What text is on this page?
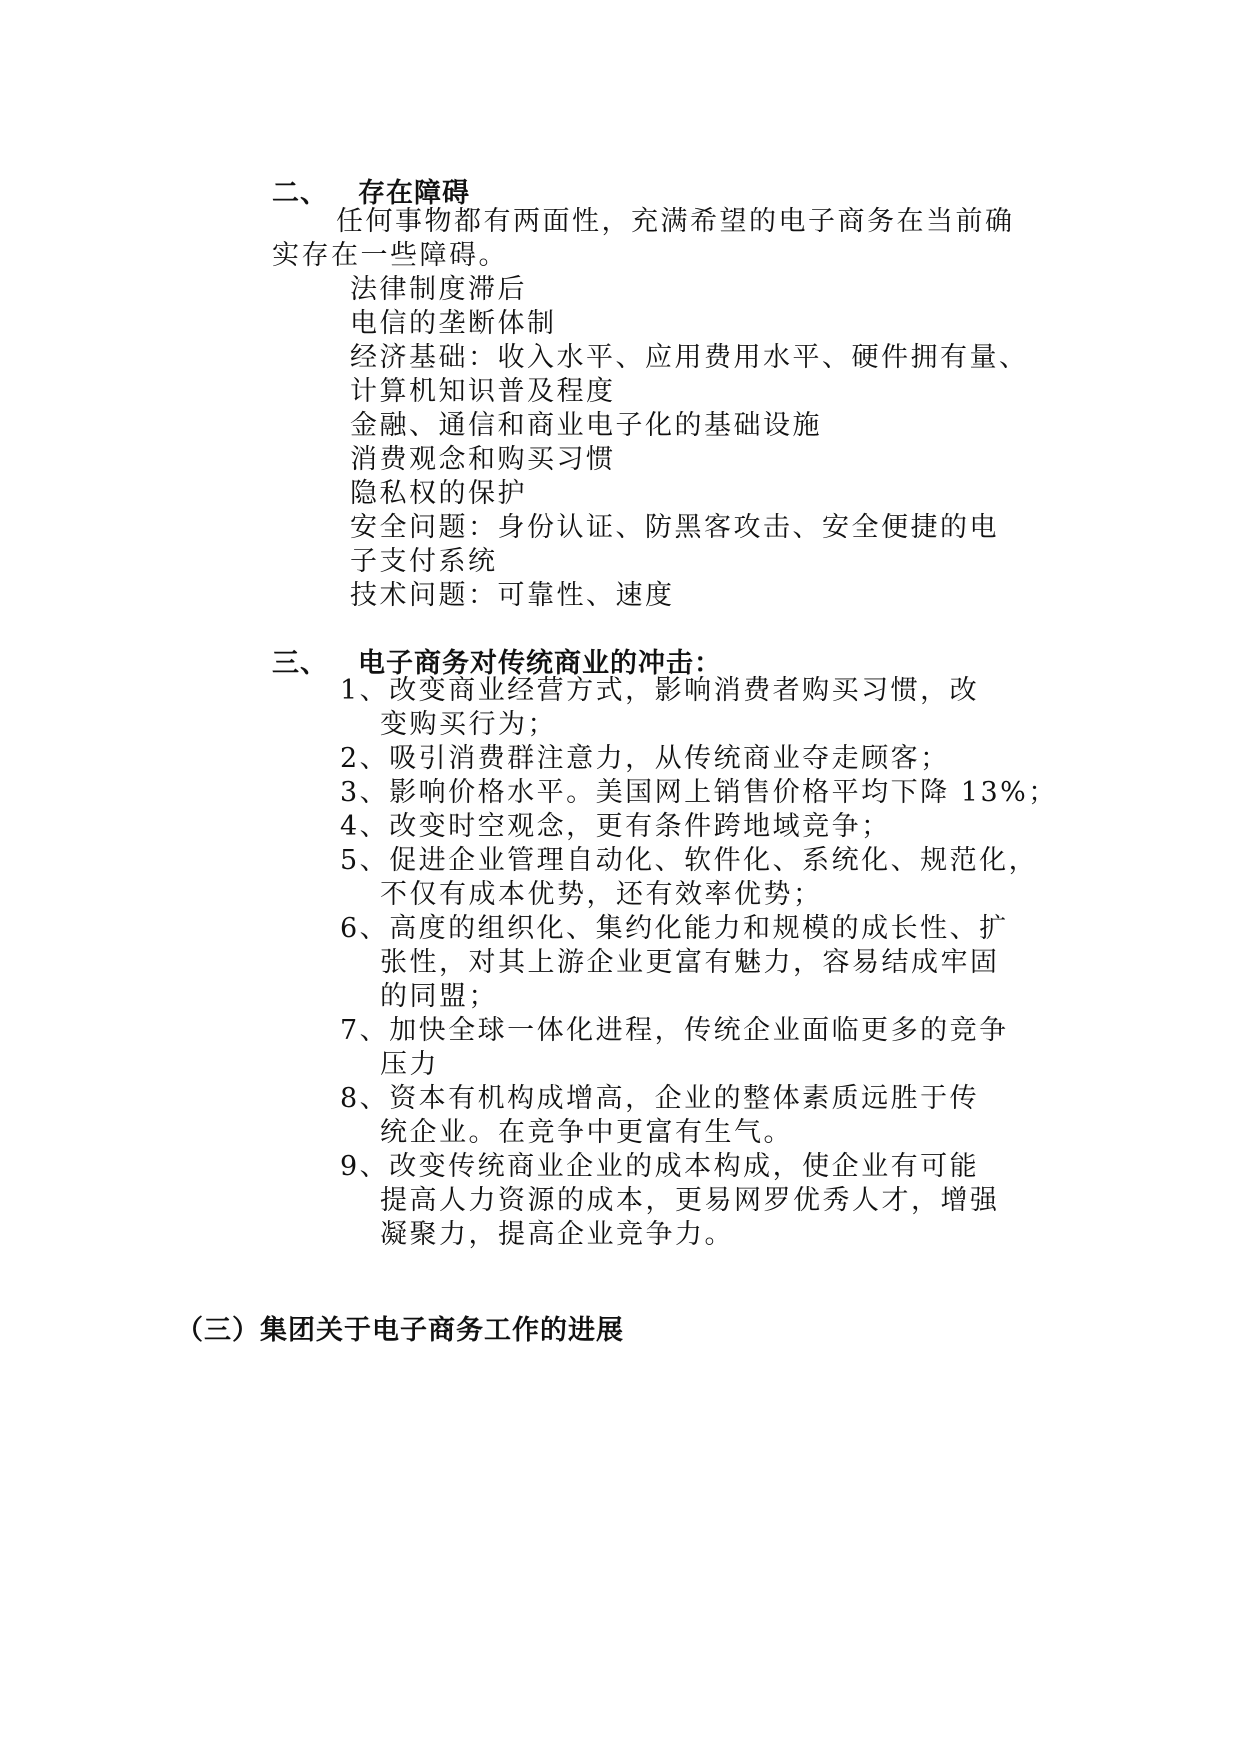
二、 存在障碍
任何事物都有两面性，充满希望的电子商务在当前确
实存在一些障碍。
法律制度滞后
电信的垄断体制
经济基础：收入水平、应用费用水平、硬件拥有量、
计算机知识普及程度
金融、通信和商业电子化的基础设施
消费观念和购买习惯
隐私权的保护
安全问题：身份认证、防黑客攻击、安全便捷的电
子支付系统
技术问题：可靠性、速度
三、 电子商务对传统商业的冲击：
1、改变商业经营方式，影响消费者购买习惯，改
变购买行为；
2、吸引消费群注意力，从传统商业夺走顾客；
3、影响价格水平。美国网上销售价格平均下降 13%；
4、改变时空观念，更有条件跨地域竞争；
5、促进企业管理自动化、软件化、系统化、规范化，
不仅有成本优势，还有效率优势；
6、高度的组织化、集约化能力和规模的成长性、扩
张性，对其上游企业更富有魅力，容易结成牢固
的同盟；
7、加快全球一体化进程，传统企业面临更多的竞争
压力
8、资本有机构成增高，企业的整体素质远胜于传
统企业。在竞争中更富有生气。
9、改变传统商业企业的成本构成，使企业有可能
提高人力资源的成本，更易网罗优秀人才，增强
凝聚力，提高企业竞争力。
（三）集团关于电子商务工作的进展
